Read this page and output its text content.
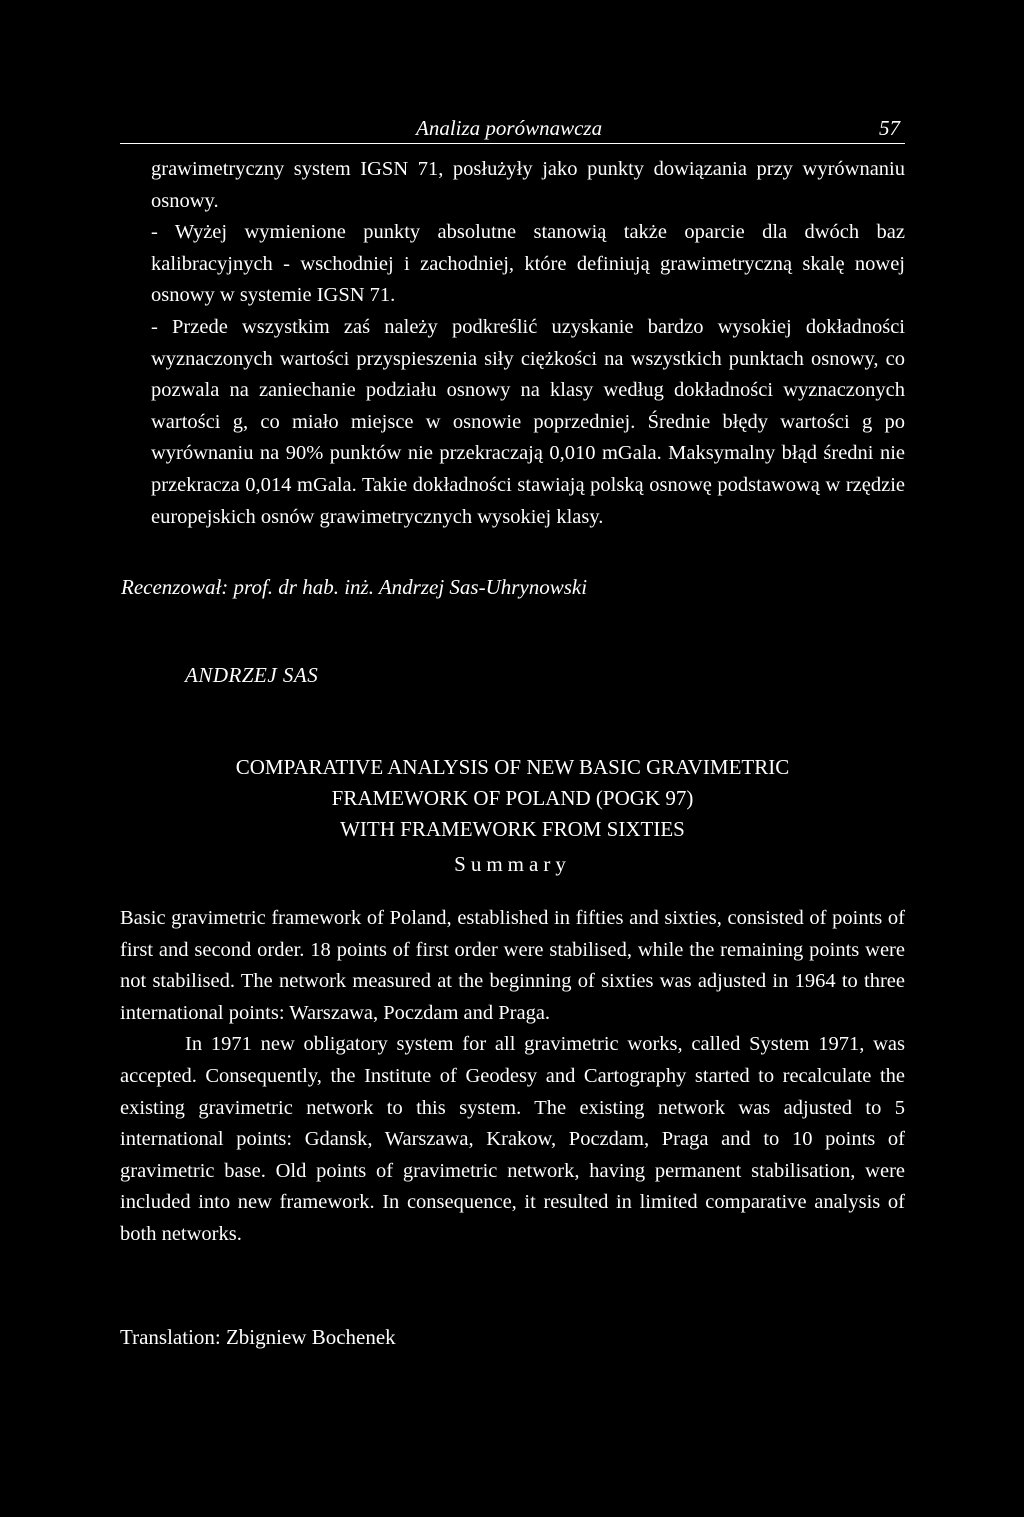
Analiza porównawcza	57

grawimetryczny system IGSN 71, posłużyły jako punkty dowiązania przy wyrównaniu osnowy.

- Wyżej wymienione punkty absolutne stanowią także oparcie dla dwóch baz kalibracyjnych - wschodniej i zachodniej, które definiują grawimetryczną skalę nowej osnowy w systemie IGSN 71.

- Przede wszystkim zaś należy podkreślić uzyskanie bardzo wysokiej dokładności wyznaczonych wartości przyspieszenia siły ciężkości na wszystkich punktach osnowy, co pozwala na zaniechanie podziału osnowy na klasy według dokładności wyznaczonych wartości g, co miało miejsce w osnowie poprzedniej. Średnie błędy wartości g po wyrównaniu na 90% punktów nie przekraczają 0,010 mGala. Maksymalny błąd średni nie przekracza 0,014 mGala. Takie dokładności stawiają polską osnowę podstawową w rzędzie europejskich osnów grawimetrycznych wysokiej klasy.

Recenzował: prof. dr hab. inż. Andrzej Sas-Uhrynowski

ANDRZEJ SAS

COMPARATIVE ANALYSIS OF NEW BASIC GRAVIMETRIC
FRAMEWORK OF POLAND (POGK 97)
WITH FRAMEWORK FROM SIXTIES

Summary

Basic gravimetric framework of Poland, established in fifties and sixties, consisted of points of first and second order. 18 points of first order were stabilised, while the remaining points were not stabilised. The network measured at the beginning of sixties was adjusted in 1964 to three international points: Warszawa, Poczdam and Praga.

In 1971 new obligatory system for all gravimetric works, called System 1971, was accepted. Consequently, the Institute of Geodesy and Cartography started to recalculate the existing gravimetric network to this system. The existing network was adjusted to 5 international points: Gdansk, Warszawa, Krakow, Poczdam, Praga and to 10 points of gravimetric base. Old points of gravimetric network, having permanent stabilisation, were included into new framework. In consequence, it resulted in limited comparative analysis of both networks.

Translation: Zbigniew Bochenek
